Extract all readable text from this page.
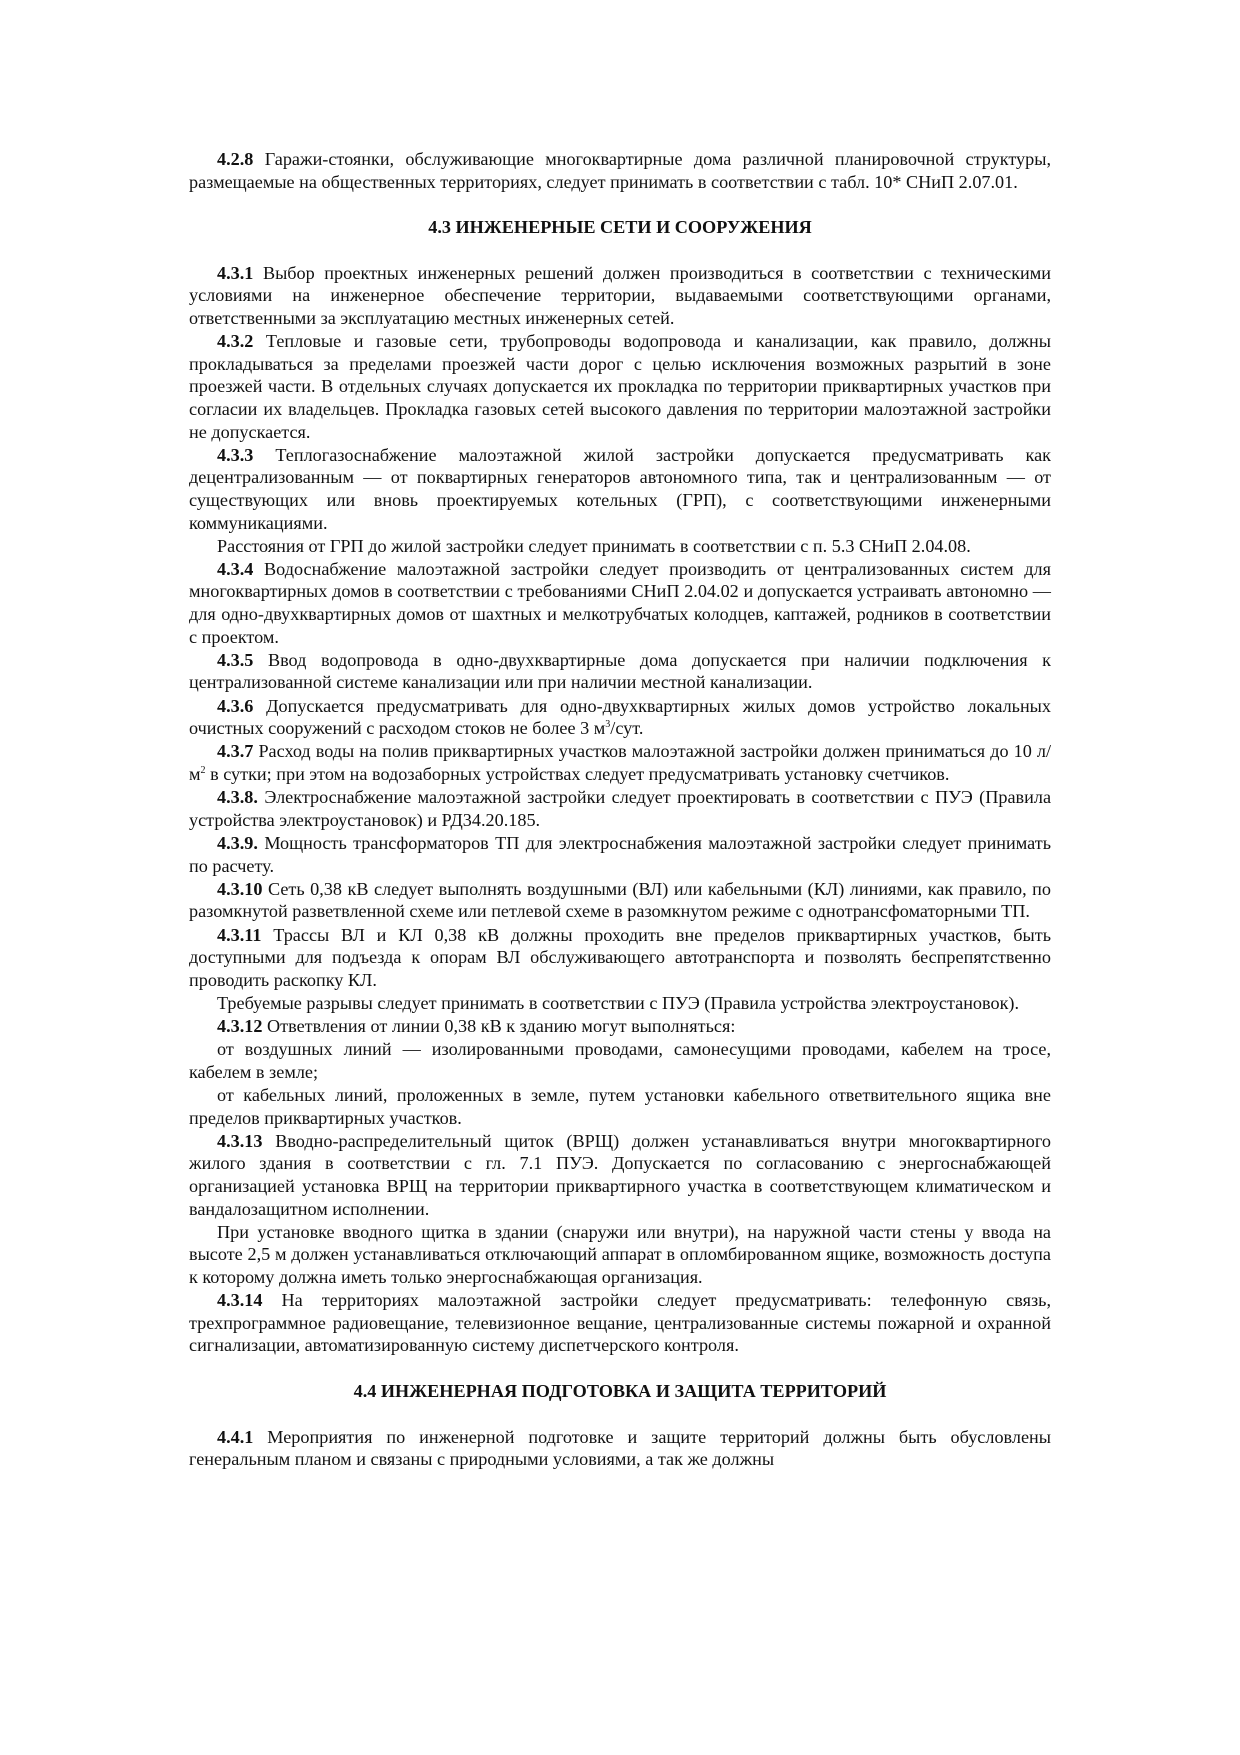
4.2.8 Гаражи-стоянки, обслуживающие многоквартирные дома различной планировочной структуры, размещаемые на общественных территориях, следует принимать в соответствии с табл. 10* СНиП 2.07.01.

4.3 ИНЖЕНЕРНЫЕ СЕТИ И СООРУЖЕНИЯ

4.3.1 Выбор проектных инженерных решений должен производиться в соответствии с техническими условиями на инженерное обеспечение территории, выдаваемыми соответствующими органами, ответственными за эксплуатацию местных инженерных сетей.

4.3.2 Тепловые и газовые сети, трубопроводы водопровода и канализации, как правило, должны прокладываться за пределами проезжей части дорог с целью исключения возможных разрытий в зоне проезжей части. В отдельных случаях допускается их прокладка по территории приквартирных участков при согласии их владельцев. Прокладка газовых сетей высокого давления по территории малоэтажной застройки не допускается.

4.3.3 Теплогазоснабжение малоэтажной жилой застройки допускается предусматривать как децентрализованным — от поквартирных генераторов автономного типа, так и централизованным — от существующих или вновь проектируемых котельных (ГРП), с соответствующими инженерными коммуникациями.

Расстояния от ГРП до жилой застройки следует принимать в соответствии с п. 5.3 СНиП 2.04.08.

4.3.4 Водоснабжение малоэтажной застройки следует производить от централизованных систем для многоквартирных домов в соответствии с требованиями СНиП 2.04.02 и допускается устраивать автономно — для одно-двухквартирных домов от шахтных и мелкотрубчатых колодцев, каптажей, родников в соответствии с проектом.

4.3.5 Ввод водопровода в одно-двухквартирные дома допускается при наличии подключения к централизованной системе канализации или при наличии местной канализации.

4.3.6 Допускается предусматривать для одно-двухквартирных жилых домов устройство локальных очистных сооружений с расходом стоков не более 3 $м^3$/сут.

4.3.7 Расход воды на полив приквартирных участков малоэтажной застройки должен приниматься до 10 $л/м^2$ в сутки; при этом на водозаборных устройствах следует предусматривать установку счетчиков.

4.3.8. Электроснабжение малоэтажной застройки следует проектировать в соответствии с ПУЭ (Правила устройства электроустановок) и РД34.20.185.

4.3.9. Мощность трансформаторов ТП для электроснабжения малоэтажной застройки следует принимать по расчету.

4.3.10 Сеть 0,38 кВ следует выполнять воздушными (ВЛ) или кабельными (КЛ) линиями, как правило, по разомкнутой разветвленной схеме или петлевой схеме в разомкнутом режиме с однотрансфоматорными ТП.

4.3.11 Трассы ВЛ и КЛ 0,38 кВ должны проходить вне пределов приквартирных участков, быть доступными для подъезда к опорам ВЛ обслуживающего автотранспорта и позволять беспрепятственно проводить раскопку КЛ.

Требуемые разрывы следует принимать в соответствии с ПУЭ (Правила устройства электроустановок).

4.3.12 Ответвления от линии 0,38 кВ к зданию могут выполняться:

от воздушных линий — изолированными проводами, самонесущими проводами, кабелем на тросе, кабелем в земле;

от кабельных линий, проложенных в земле, путем установки кабельного ответвительного ящика вне пределов приквартирных участков.

4.3.13 Вводно-распределительный щиток (ВРЩ) должен устанавливаться внутри многоквартирного жилого здания в соответствии с гл. 7.1 ПУЭ. Допускается по согласованию с энергоснабжающей организацией установка ВРЩ на территории приквартирного участка в соответствующем климатическом и вандалозащитном исполнении.

При установке вводного щитка в здании (снаружи или внутри), на наружной части стены у ввода на высоте 2,5 м должен устанавливаться отключающий аппарат в опломбированном ящике, возможность доступа к которому должна иметь только энергоснабжающая организация.

4.3.14 На территориях малоэтажной застройки следует предусматривать: телефонную связь, трехпрограммное радиовещание, телевизионное вещание, централизованные системы пожарной и охранной сигнализации, автоматизированную систему диспетчерского контроля.

4.4 ИНЖЕНЕРНАЯ ПОДГОТОВКА И ЗАЩИТА ТЕРРИТОРИЙ

4.4.1 Мероприятия по инженерной подготовке и защите территорий должны быть обусловлены генеральным планом и связаны с природными условиями, а так же должны
